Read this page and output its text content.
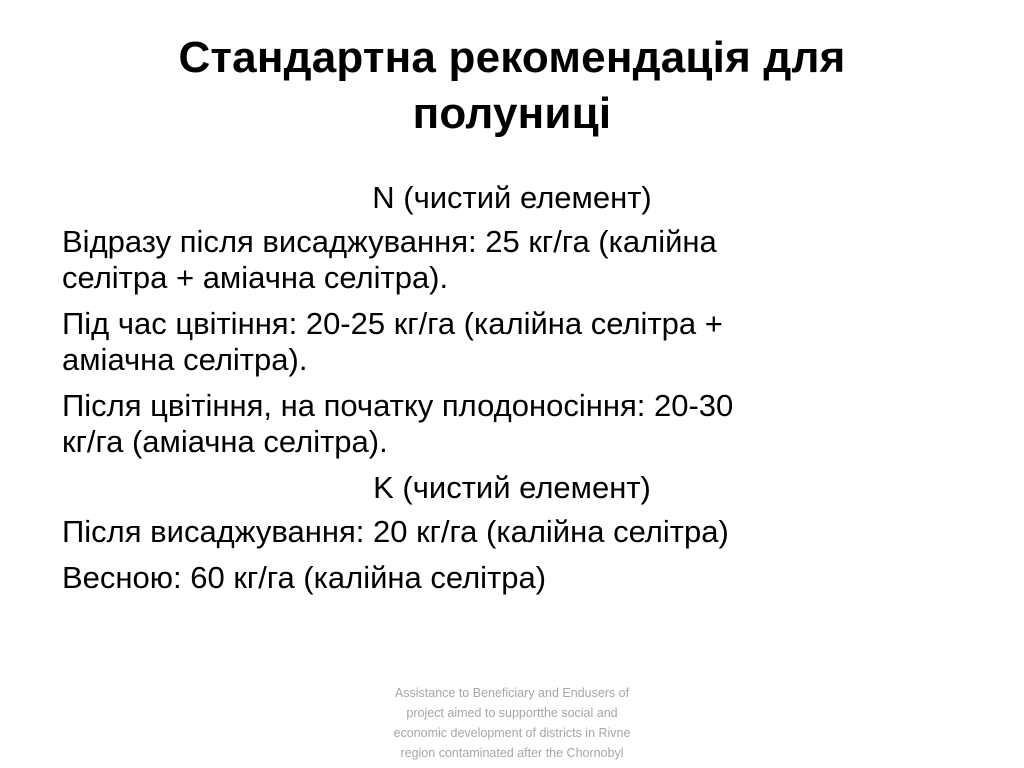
Стандартна рекомендація для
полуниці
N (чистий елемент)
Відразу після висаджування: 25 кг/га (калійна
селітра + аміачна селітра).
Під час цвітіння: 20-25 кг/га (калійна селітра +
аміачна селітра).
Після цвітіння, на початку плодоносіння: 20-30
кг/га (аміачна селітра).
K (чистий елемент)
Після висаджування: 20 кг/га (калійна селітра)
Весною: 60 кг/га (калійна селітра)
Assistance to Beneficiary and Endusers of
project aimed to supportthe social and
economic development of districts in Rivne
region contaminated after the Chornobyl
